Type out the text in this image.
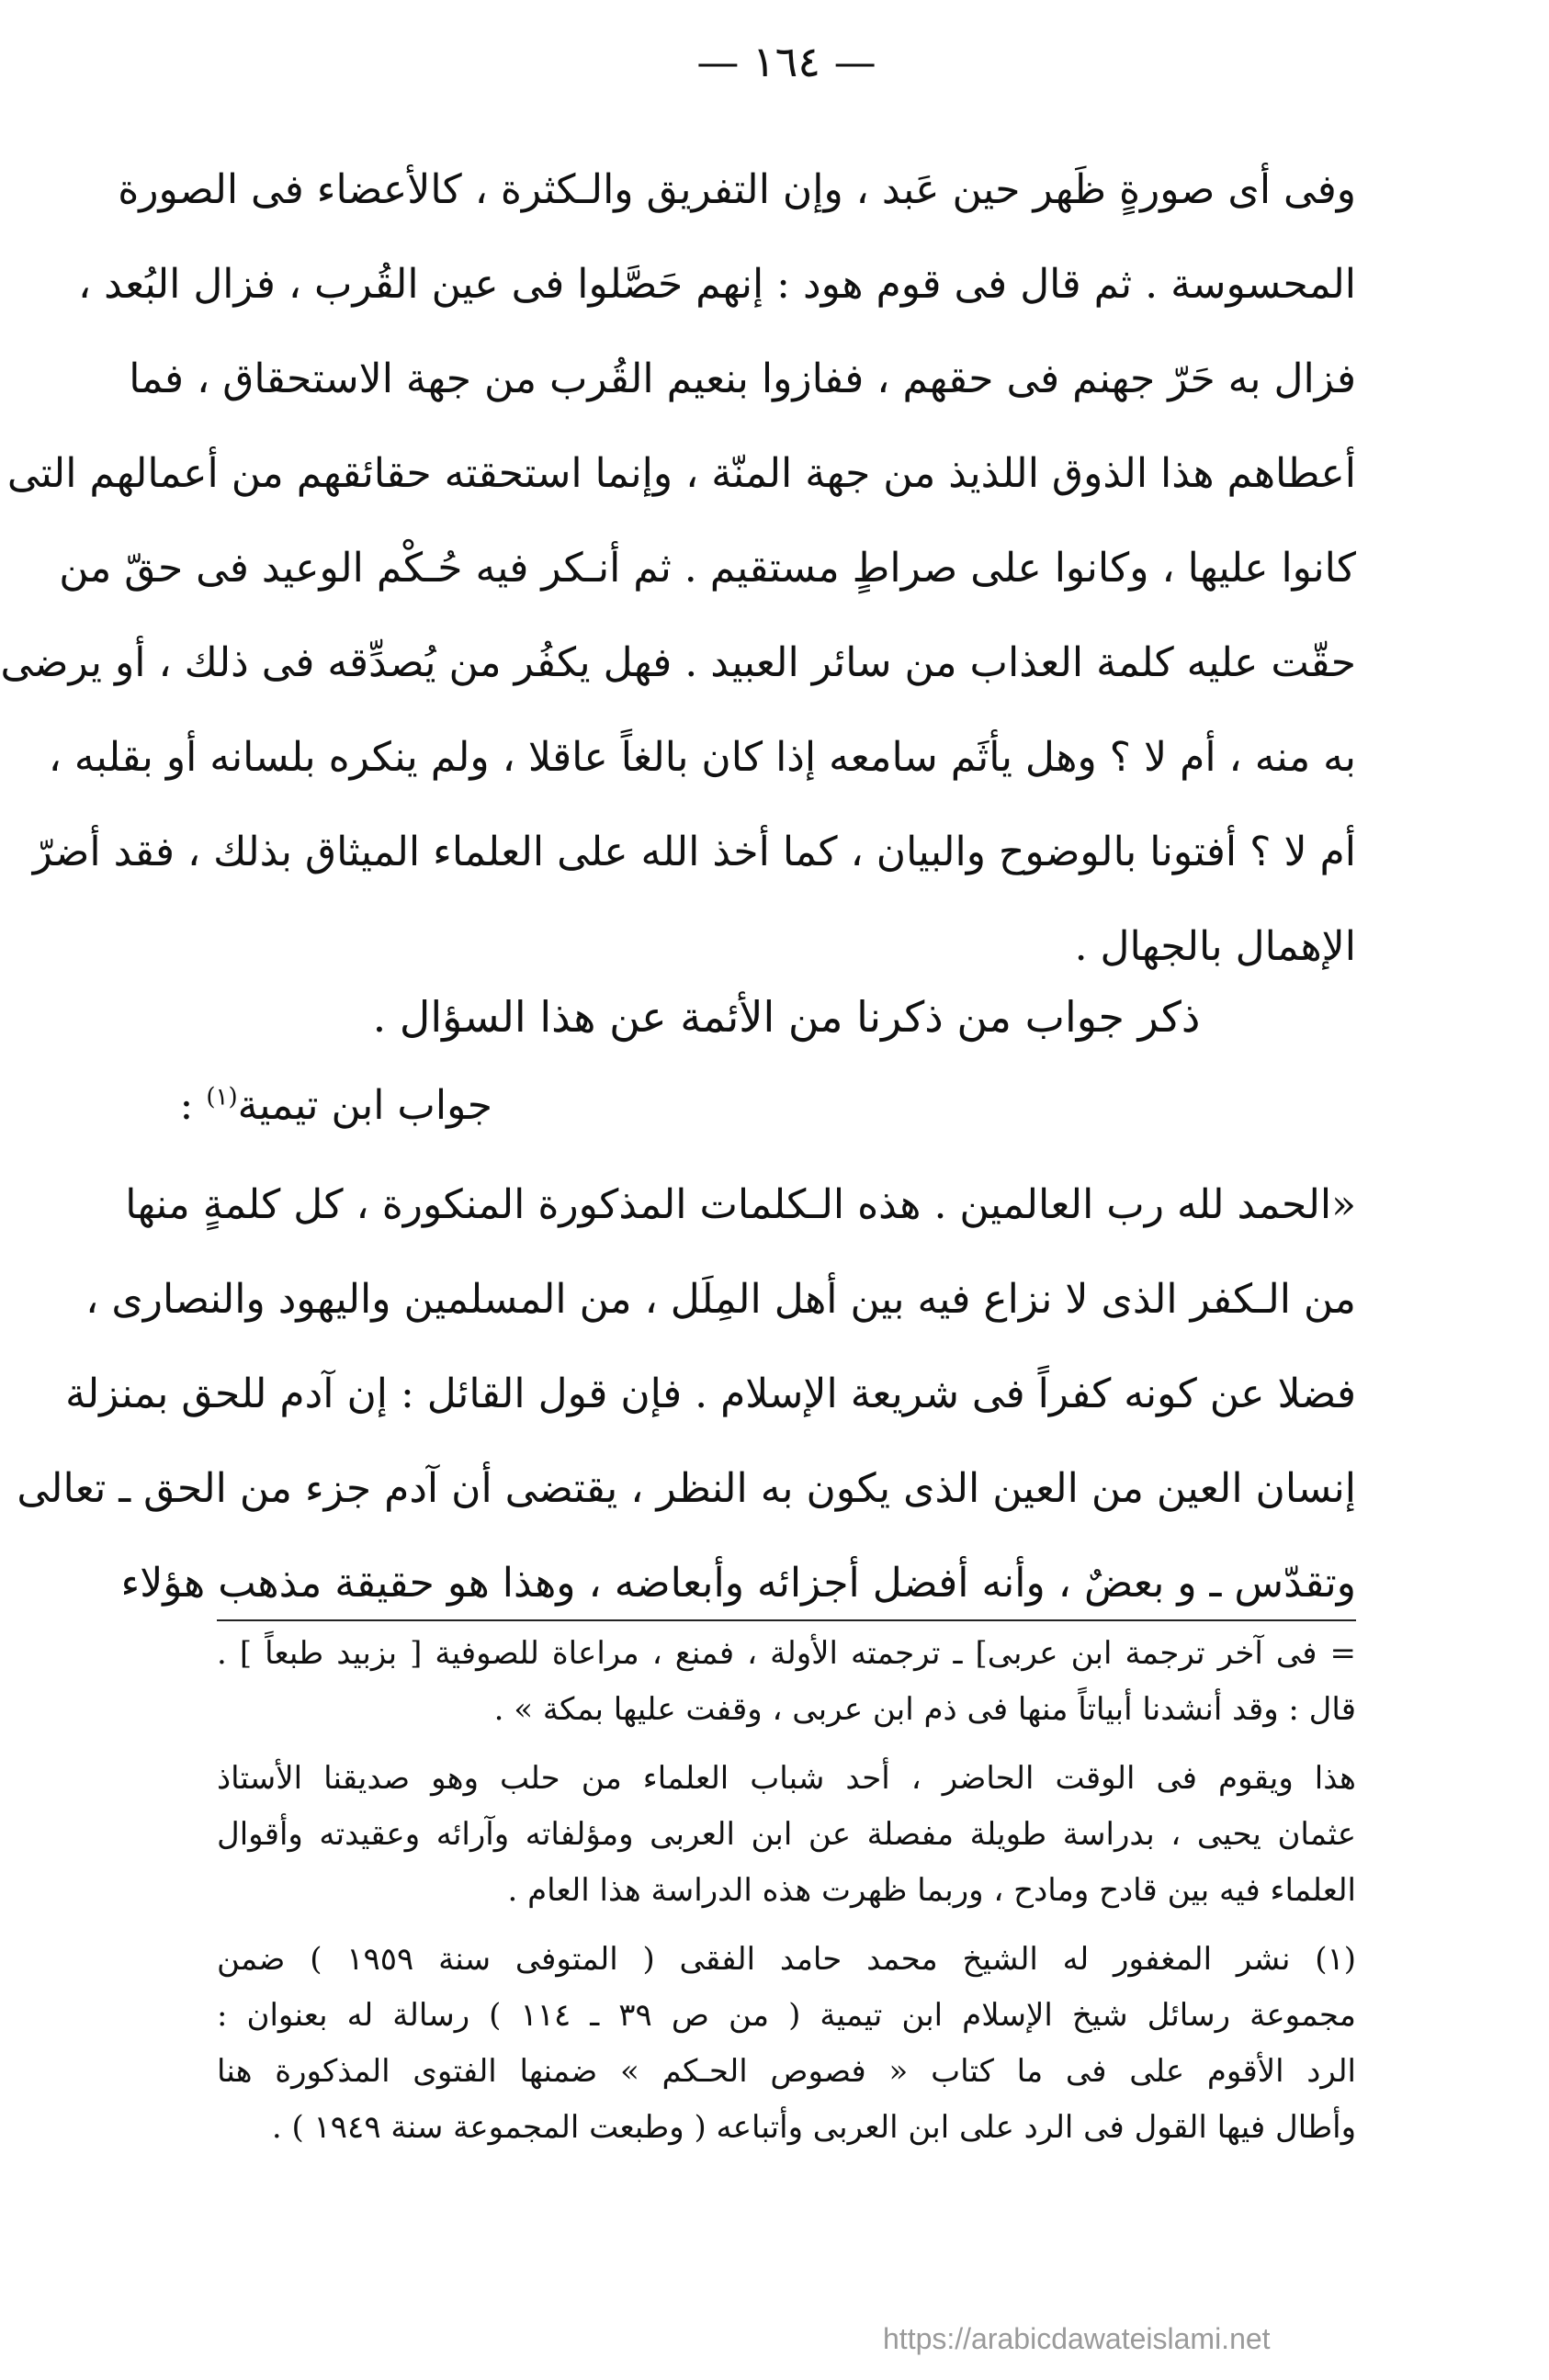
— ١٦٤ —
وفى أى صورةٍ ظَهر حين عَبد ، وإن التفريق والـكثرة ، كالأعضاء فى الصورة
المحسوسة . ثم قال فى قوم هود : إنهم حَصَّلوا فى عين القُرب ، فزال البُعد ،
فزال به حَرّ جهنم فى حقهم ، ففازوا بنعيم القُرب من جهة الاستحقاق ، فما
أعطاهم هذا الذوق اللذيذ من جهة المنّة ، وإنما استحقته حقائقهم من أعمالهم التى
كانوا عليها ، وكانوا على صراطٍ مستقيم . ثم أنـكر فيه حُـكْم الوعيد فى حقّ من
حقّت عليه كلمة العذاب من سائر العبيد . فهل يكفُر من يُصدِّقه فى ذلك ، أو يرضى
به منه ، أم لا ؟ وهل يأثَم سامعه إذا كان بالغاً عاقلا ، ولم ينكره بلسانه أو بقلبه ،
أم لا ؟ أفتونا بالوضوح والبيان ، كما أخذ الله على العلماء الميثاق بذلك ، فقد أضرّ
الإهمال بالجهال .
ذكر جواب من ذكرنا من الأئمة عن هذا السؤال .
جواب ابن تيمية$^{(١)}$ :
«الحمد لله رب العالمين . هذه الـكلمات المذكورة المنكورة ، كل كلمةٍ منها
من الـكفر الذى لا نزاع فيه بين أهل المِلَل ، من المسلمين واليهود والنصارى ،
فضلا عن كونه كفراً فى شريعة الإسلام . فإن قول القائل : إن آدم للحق بمنزلة
إنسان العين من العين الذى يكون به النظر ، يقتضى أن آدم جزء من الحق ـ تعالى
وتقدّس ـ و بعضٌ ، وأنه أفضل أجزائه وأبعاضه ، وهذا هو حقيقة مذهب هؤلاء
= فى آخر ترجمة ابن عربى] ـ ترجمته الأولة ، فمنع ، مراعاة للصوفية [ بزبيد طبعاً ] .
قال : وقد أنشدنا أبياتاً منها فى ذم ابن عربى ، وقفت عليها بمكة » .
هذا ويقوم فى الوقت الحاضر ، أحد شباب العلماء من حلب وهو صديقنا الأستاذ
عثمان يحيى ، بدراسة طويلة مفصلة عن ابن العربى ومؤلفاته وآرائه وعقيدته وأقوال
العلماء فيه بين قادح ومادح ، وربما ظهرت هذه الدراسة هذا العام .
(١) نشر المغفور له الشيخ محمد حامد الفقى ( المتوفى سنة ١٩٥٩ ) ضمن
مجموعة رسائل شيخ الإسلام ابن تيمية ( من ص ٣٩ ـ ١١٤ ) رسالة له بعنوان :
الرد الأقوم على فى ما كتاب « فصوص الحـكم » ضمنها الفتوى المذكورة هنا
وأطال فيها القول فى الرد على ابن العربى وأتباعه ( وطبعت المجموعة سنة ١٩٤٩ ) .
https://arabicdawateislami.net
